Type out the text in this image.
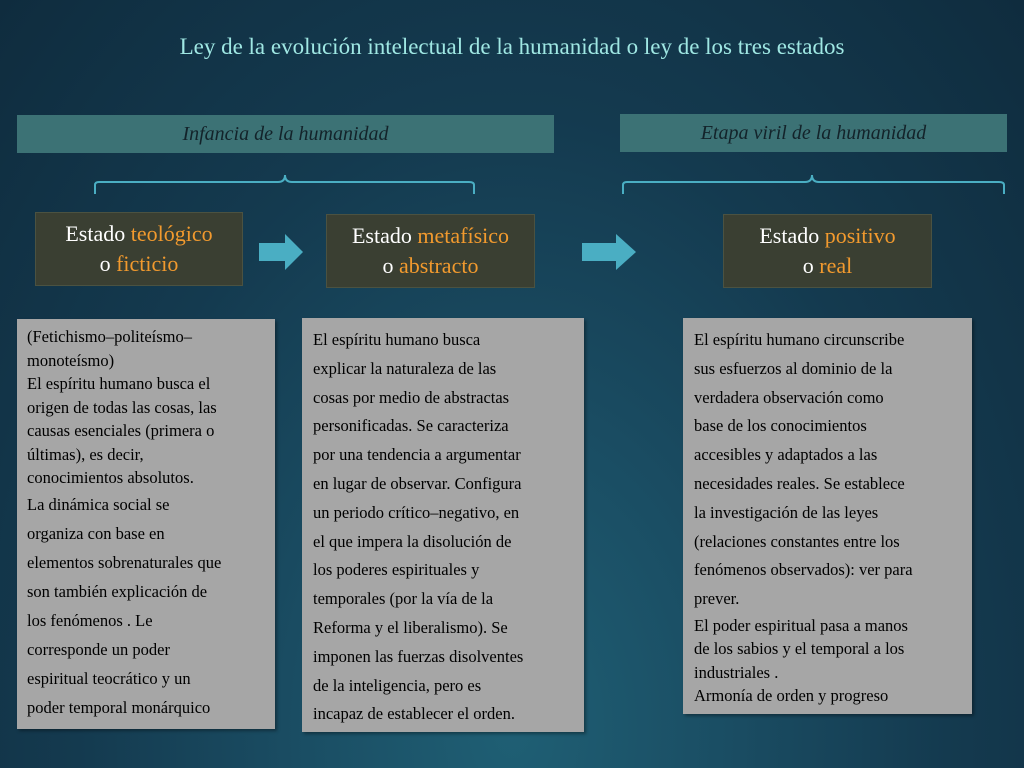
Ley de la evolución intelectual de la humanidad o ley de los tres estados
Infancia de la humanidad	Etapa viril de la humanidad
Estado teológico
o ficticio
Estado metafísico
o abstracto
Estado positivo
o real

(Fetichismo–politeísmo–

monoteísmo)

El espíritu humano busca el

origen de todas las cosas, las

causas esenciales (primera o

últimas), es decir,

conocimientos absolutos.

La dinámica social se

organiza con base en

elementos sobrenaturales que

son también explicación de

los fenómenos . Le

corresponde un poder

espiritual teocrático y un

poder temporal monárquico

El espíritu humano busca

explicar la naturaleza de las

cosas por medio de abstractas

personificadas. Se caracteriza

por una tendencia a argumentar

en lugar de observar. Configura

un periodo crítico–negativo, en

el que impera la disolución de

los poderes espirituales y

temporales (por la vía de la

Reforma y el liberalismo). Se

imponen las fuerzas disolventes

de la inteligencia, pero es

incapaz de establecer el orden.

El espíritu humano circunscribe

sus esfuerzos al dominio de la

verdadera observación como

base de los conocimientos

accesibles y adaptados a las

necesidades reales. Se establece

la investigación de las leyes

(relaciones constantes entre los

fenómenos observados): ver para

prever.

El poder espiritual pasa a manos

de los sabios y el temporal a los

industriales .

Armonía de orden y progreso
